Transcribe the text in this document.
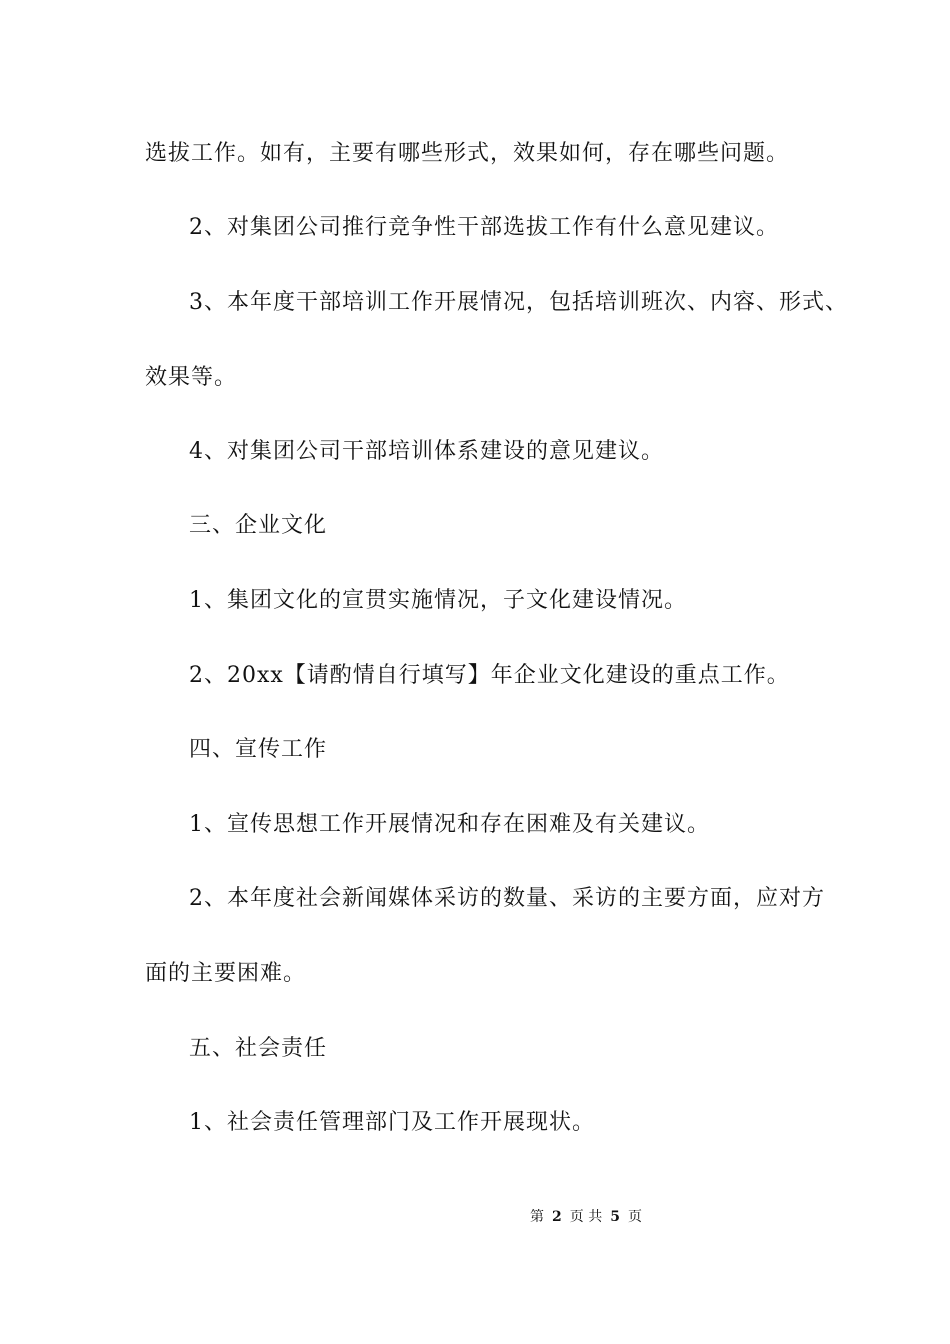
选拔工作。如有，主要有哪些形式，效果如何，存在哪些问题。
2、对集团公司推行竞争性干部选拔工作有什么意见建议。
3、本年度干部培训工作开展情况，包括培训班次、内容、形式、
效果等。
4、对集团公司干部培训体系建设的意见建议。
三、企业文化
1、集团文化的宣贯实施情况，子文化建设情况。
2、20xx【请酌情自行填写】年企业文化建设的重点工作。
四、宣传工作
1、宣传思想工作开展情况和存在困难及有关建议。
2、本年度社会新闻媒体采访的数量、采访的主要方面，应对方
面的主要困难。
五、社会责任
1、社会责任管理部门及工作开展现状。
第 2 页 共 5 页
